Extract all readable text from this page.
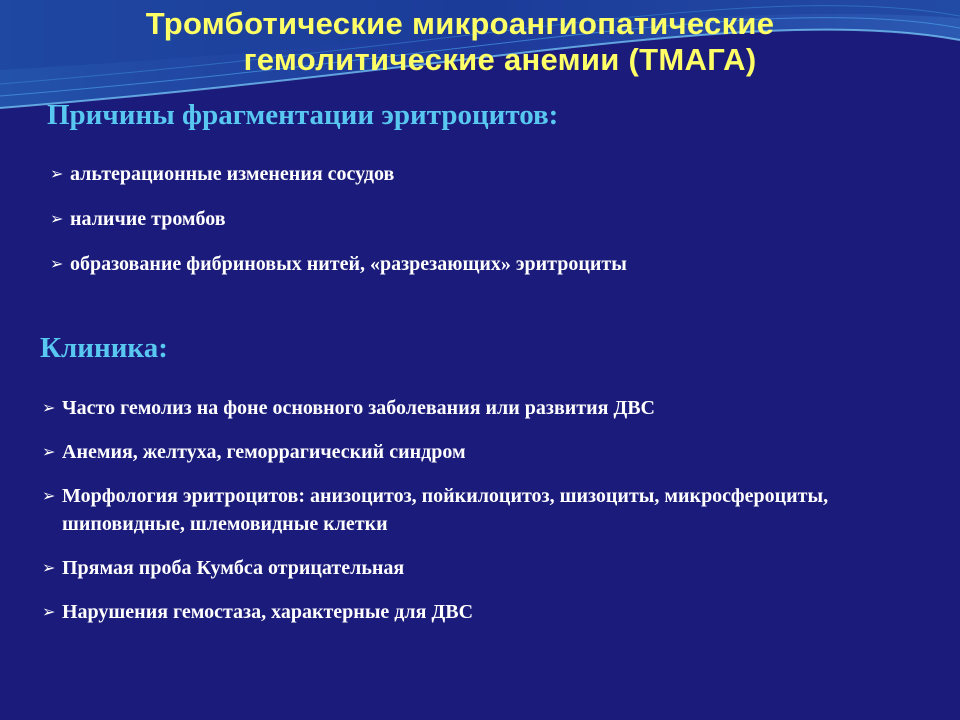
Тромботические микроангиопатические
гемолитические анемии (ТМАГА)
Причины фрагментации эритроцитов:
➢ альтерационные изменения сосудов
➢ наличие тромбов
➢ образование фибриновых нитей, «разрезающих» эритроциты
Клиника:
➢ Часто гемолиз на фоне основного заболевания или развития ДВС
➢ Анемия, желтуха, геморрагический синдром
➢ Морфология эритроцитов: анизоцитоз, пойкилоцитоз, шизоциты, микросфероциты, шиповидные, шлемовидные клетки
➢ Прямая проба Кумбса отрицательная
➢ Нарушения гемостаза, характерные для ДВС
